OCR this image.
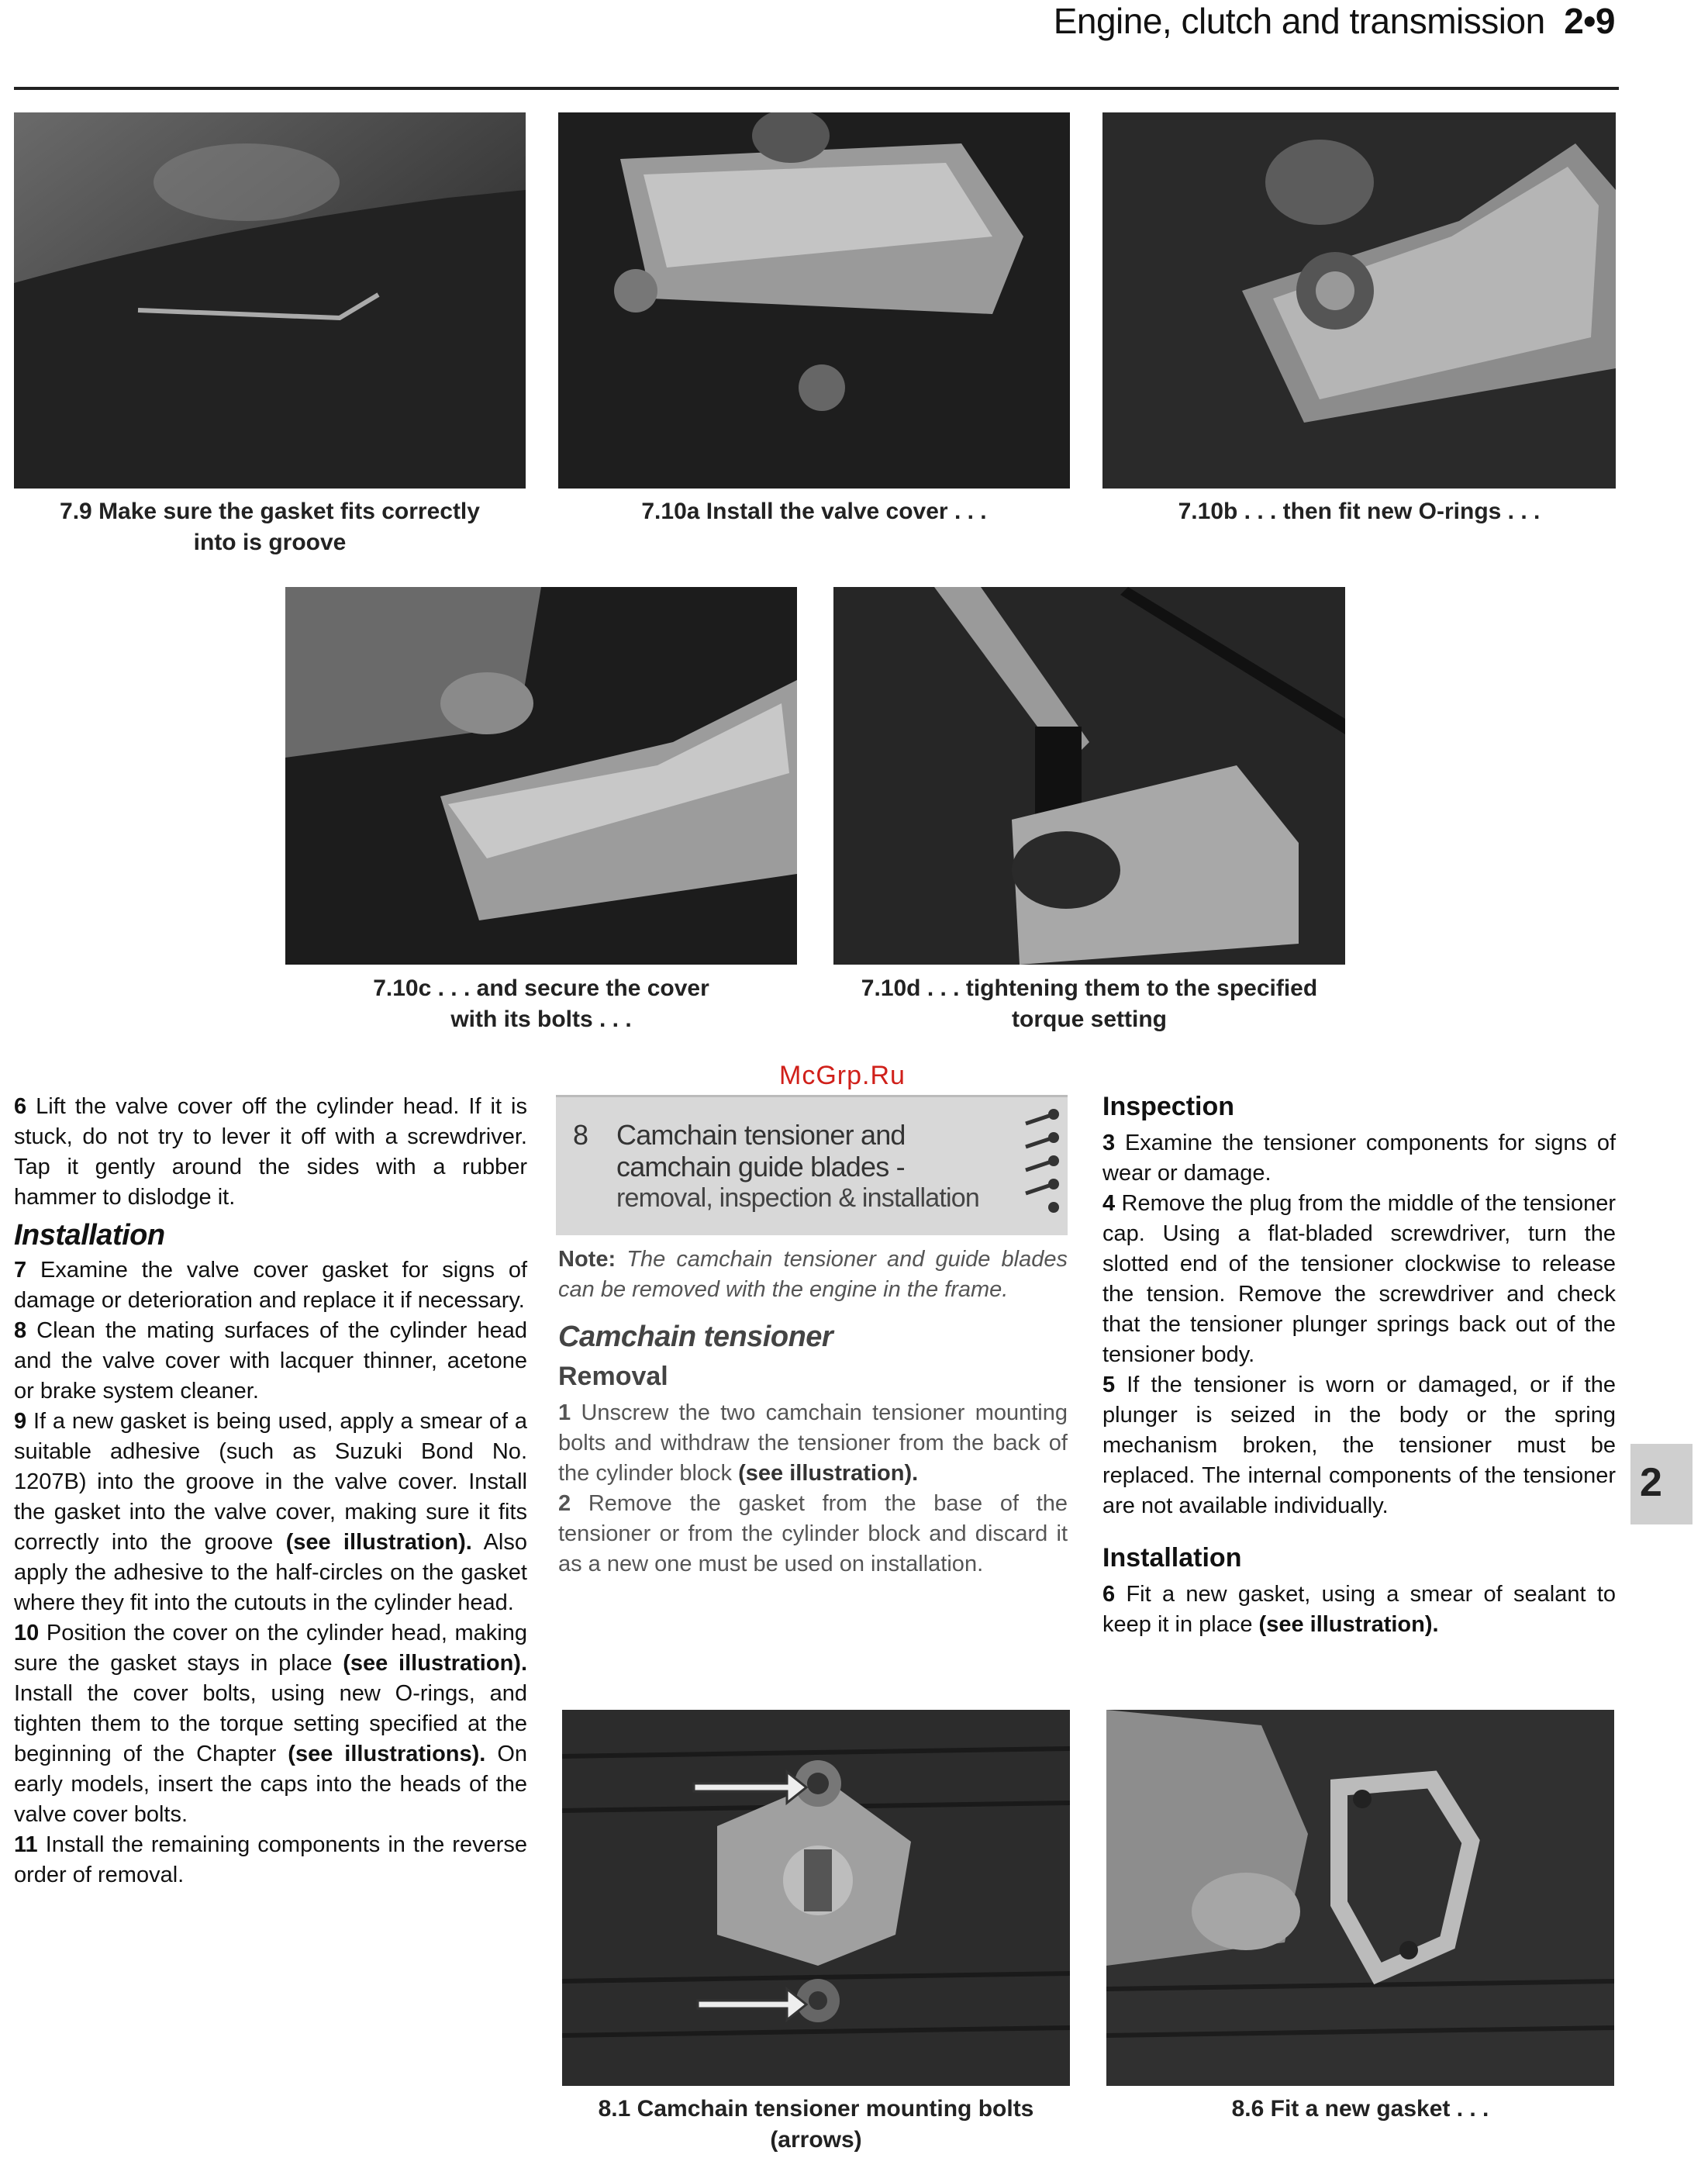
Engine, clutch and transmission 2•9
7.9 Make sure the gasket fits correctly
into is groove
7.10a Install the valve cover . . .	7.10b . . . then fit new O-rings . . .
7.10c . . . and secure the cover
with its bolts . . .
7.10d . . . tightening them to the specified
torque setting
McGrp.Ru

6 Lift the valve cover off the cylinder head. If it is stuck, do not try to lever it off with a screwdriver. Tap it gently around the sides with a rubber hammer to dislodge it.

Installation

7 Examine the valve cover gasket for signs of damage or deterioration and replace it if necessary.

8 Clean the mating surfaces of the cylinder head and the valve cover with lacquer thinner, acetone or brake system cleaner.

9 If a new gasket is being used, apply a smear of a suitable adhesive (such as Suzuki Bond No. 1207B) into the groove in the valve cover. Install the gasket into the valve cover, making sure it fits correctly into the groove (see illustration). Also apply the adhesive to the half-circles on the gasket where they fit into the cutouts in the cylinder head.

10 Position the cover on the cylinder head, making sure the gasket stays in place (see illustration). Install the cover bolts, using new O-rings, and tighten them to the torque setting specified at the beginning of the Chapter (see illustrations). On early models, insert the caps into the heads of the valve cover bolts.

11 Install the remaining components in the reverse order of removal.

8 Camchain tensioner and
camchain guide blades -
removal, inspection & installation

Note: The camchain tensioner and guide blades can be removed with the engine in the frame.

Camchain tensioner
Removal

1 Unscrew the two camchain tensioner mounting bolts and withdraw the tensioner from the back of the cylinder block (see illustration).

2 Remove the gasket from the base of the tensioner or from the cylinder block and discard it as a new one must be used on installation.

Inspection

3 Examine the tensioner components for signs of wear or damage.

4 Remove the plug from the middle of the tensioner cap. Using a flat-bladed screwdriver, turn the slotted end of the tensioner clockwise to release the tension. Remove the screwdriver and check that the tensioner plunger springs back out of the tensioner body.

5 If the tensioner is worn or damaged, or if the plunger is seized in the body or the spring mechanism broken, the tensioner must be replaced. The internal components of the tensioner are not available individually.

Installation

6 Fit a new gasket, using a smear of sealant to keep it in place (see illustration).

2
8.1 Camchain tensioner mounting bolts
(arrows)
8.6 Fit a new gasket . . .
